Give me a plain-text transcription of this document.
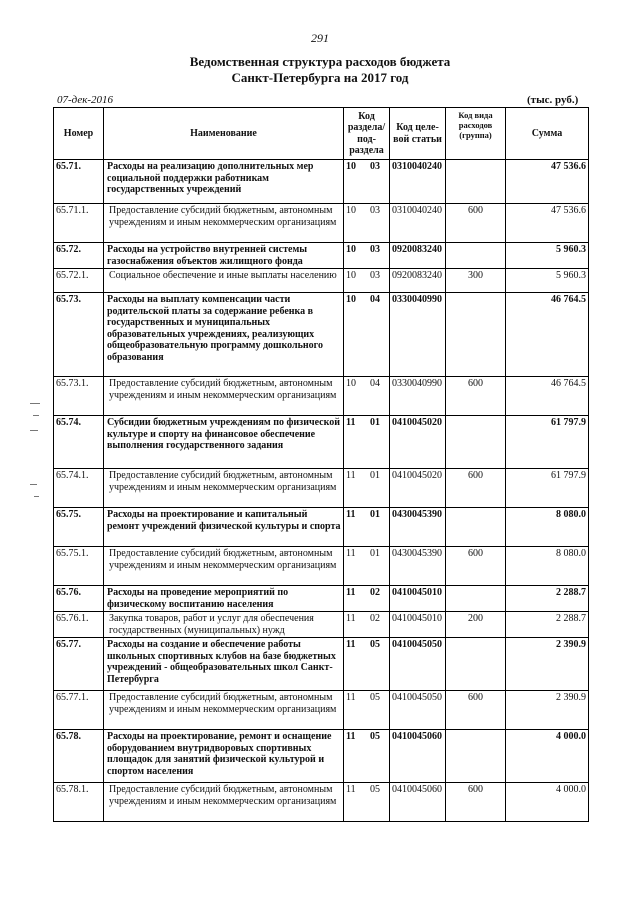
291
Ведомственная структура расходов бюджета
Санкт-Петербурга на 2017 год
07-дек-2016	(тыс. руб.)
Номер	Наименование	Код раздела/ под- раздела	Код целе- вой статьи	Код вида расходов (группа)	Сумма
65.71.	Расходы на реализацию дополнительных мер социальной поддержки работникам государственных учреждений	10 03	0310040240		47 536.6
65.71.1.	Предоставление субсидий бюджетным, автономным учреждениям и иным некоммерческим организациям	10 03	0310040240	600	47 536.6
65.72.	Расходы на устройство внутренней системы газоснабжения объектов жилищного фонда	10 03	0920083240		5 960.3
65.72.1.	Социальное обеспечение и иные выплаты населению	10 03	0920083240	300	5 960.3
65.73.	Расходы на выплату компенсации части родительской платы за содержание ребенка в государственных и муниципальных образовательных учреждениях, реализующих общеобразовательную программу дошкольного образования	10 04	0330040990		46 764.5
65.73.1.	Предоставление субсидий бюджетным, автономным учреждениям и иным некоммерческим организациям	10 04	0330040990	600	46 764.5
65.74.	Субсидии бюджетным учреждениям по физической культуре и спорту на финансовое обеспечение выполнения государственного задания	11 01	0410045020		61 797.9
65.74.1.	Предоставление субсидий бюджетным, автономным учреждениям и иным некоммерческим организациям	11 01	0410045020	600	61 797.9
65.75.	Расходы на проектирование и капитальный ремонт учреждений физической культуры и спорта	11 01	0430045390		8 080.0
65.75.1.	Предоставление субсидий бюджетным, автономным учреждениям и иным некоммерческим организациям	11 01	0430045390	600	8 080.0
65.76.	Расходы на проведение мероприятий по физическому воспитанию населения	11 02	0410045010		2 288.7
65.76.1.	Закупка товаров, работ и услуг для обеспечения государственных (муниципальных) нужд	11 02	0410045010	200	2 288.7
65.77.	Расходы на создание и обеспечение работы школьных спортивных клубов на базе бюджетных учреждений - общеобразовательных школ Санкт-Петербурга	11 05	0410045050		2 390.9
65.77.1.	Предоставление субсидий бюджетным, автономным учреждениям и иным некоммерческим организациям	11 05	0410045050	600	2 390.9
65.78.	Расходы на проектирование, ремонт и оснащение оборудованием внутридворовых спортивных площадок для занятий физической культурой и спортом населения	11 05	0410045060		4 000.0
65.78.1.	Предоставление субсидий бюджетным, автономным учреждениям и иным некоммерческим организациям	11 05	0410045060	600	4 000.0
